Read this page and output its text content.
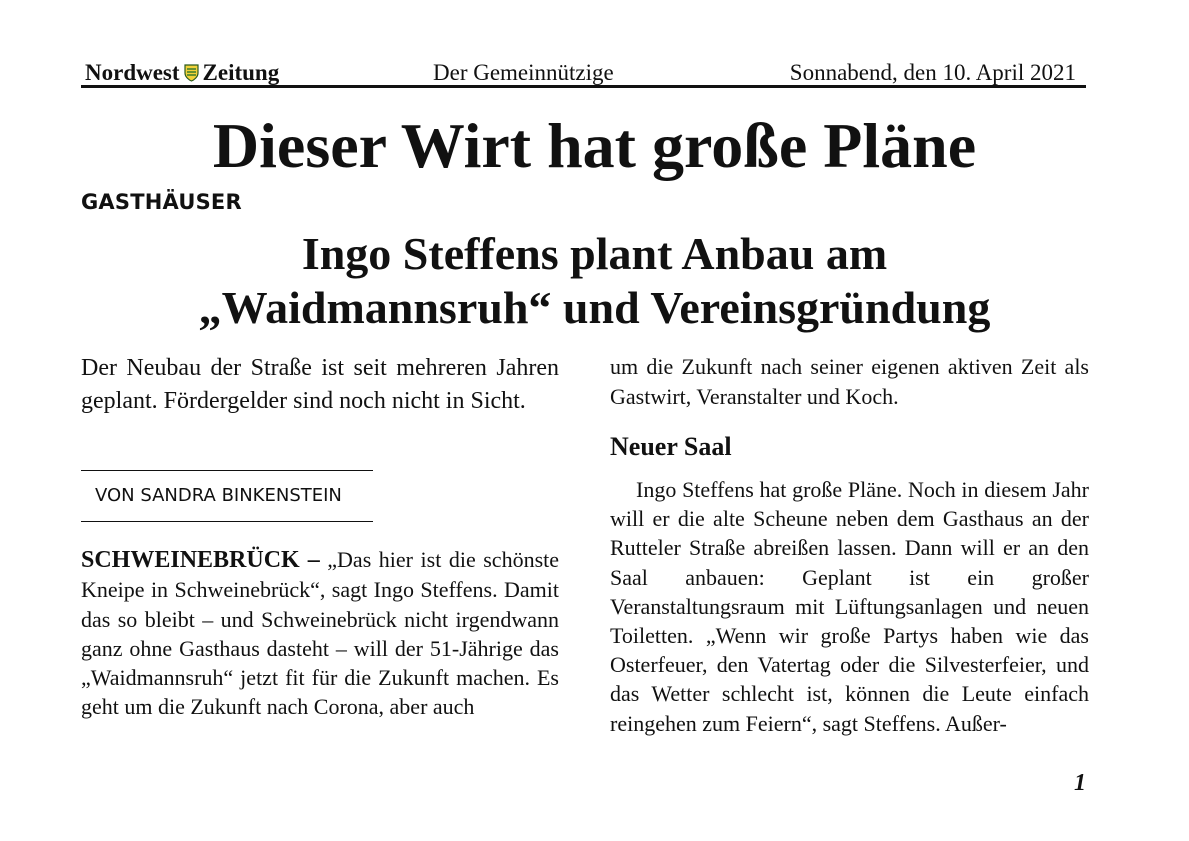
Nordwest Zeitung	Der Gemeinnützige	Sonnabend, den 10. April 2021
Dieser Wirt hat große Pläne
GASTHÄUSER
Ingo Steffens plant Anbau am
„Waidmannsruh“ und Vereinsgründung

Der Neubau der Straße ist seit mehreren Jahren geplant. Fördergelder sind noch nicht in Sicht.

VON SANDRA BINKENSTEIN

SCHWEINEBRÜCK – „Das hier ist die schönste Kneipe in Schweinebrück“, sagt Ingo Steffens. Damit das so bleibt – und Schweinebrück nicht irgendwann ganz ohne Gasthaus dasteht – will der 51-Jährige das „Waidmannsruh“ jetzt fit für die Zukunft machen. Es geht um die Zukunft nach Corona, aber auch

um die Zukunft nach seiner eigenen aktiven Zeit als Gastwirt, Veranstalter und Koch.

Neuer Saal

Ingo Steffens hat große Pläne. Noch in diesem Jahr will er die alte Scheune neben dem Gasthaus an der Rutteler Straße abreißen lassen. Dann will er an den Saal anbauen: Geplant ist ein großer Veranstaltungsraum mit Lüftungsanlagen und neuen Toiletten. „Wenn wir große Partys haben wie das Osterfeuer, den Vatertag oder die Silvesterfeier, und das Wetter schlecht ist, können die Leute einfach reingehen zum Feiern“, sagt Steffens. Außer-

1
